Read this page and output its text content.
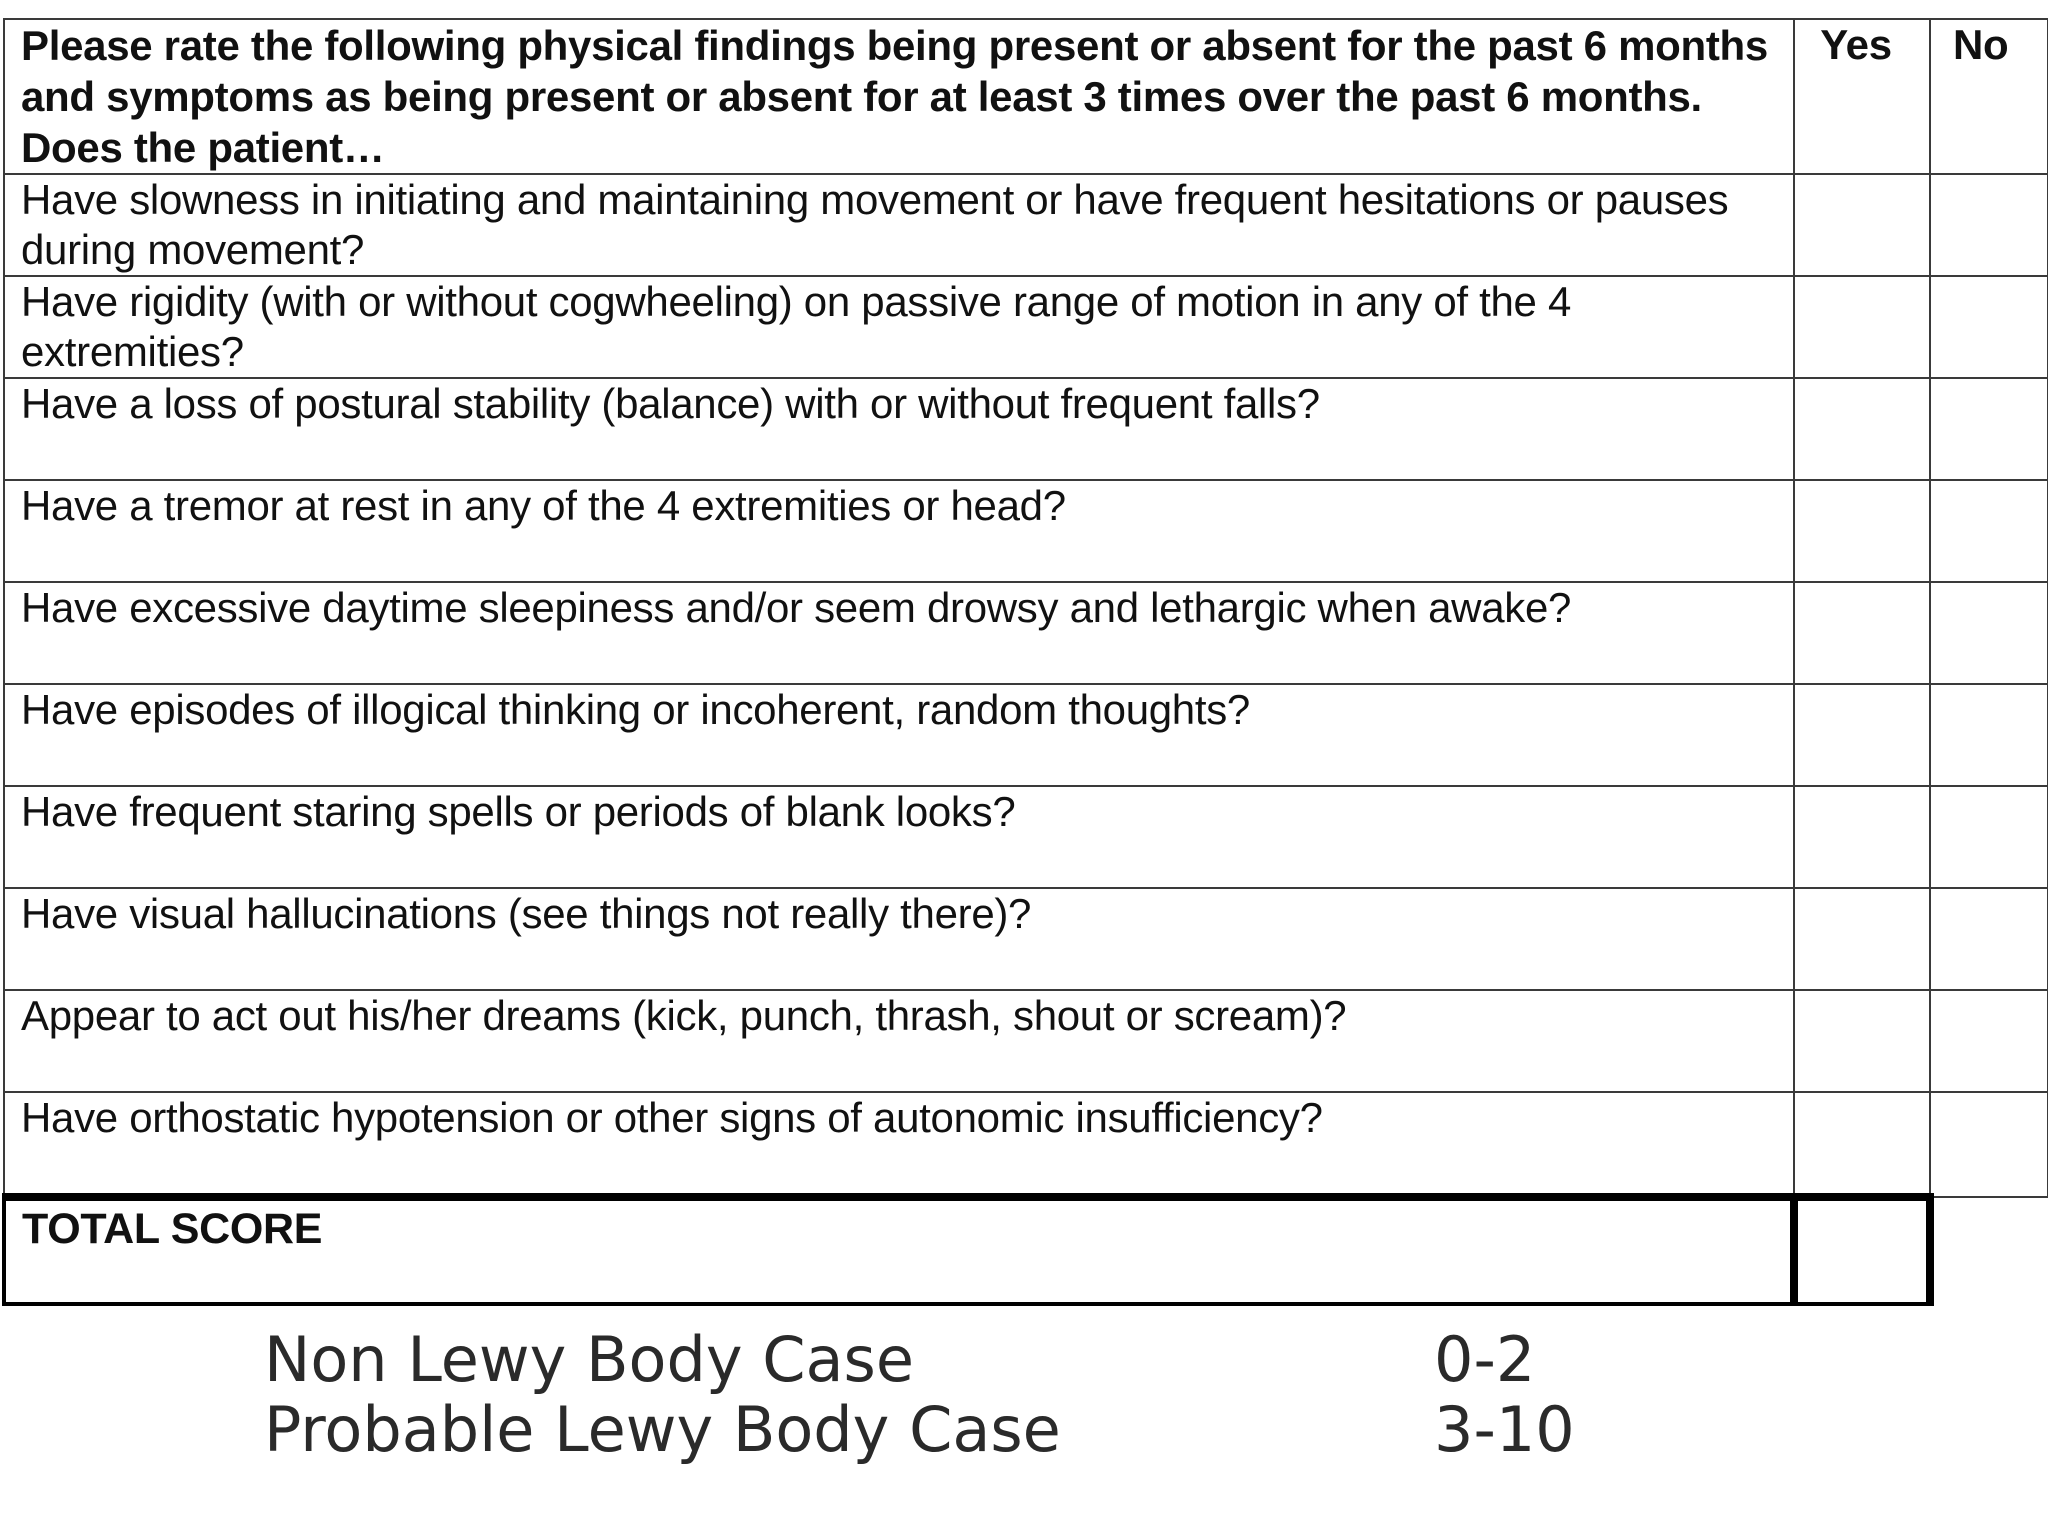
Please rate the following physical findings being present or absent for the past 6 months and symptoms as being present or absent for at least 3 times over the past 6 months. Does the patient…	Yes	No
Have slowness in initiating and maintaining movement or have frequent hesitations or pauses during movement?		
Have rigidity (with or without cogwheeling) on passive range of motion in any of the 4 extremities?		
Have a loss of postural stability (balance) with or without frequent falls?		
Have a tremor at rest in any of the 4 extremities or head?		
Have excessive daytime sleepiness and/or seem drowsy and lethargic when awake?		
Have episodes of illogical thinking or incoherent, random thoughts?		
Have frequent staring spells or periods of blank looks?		
Have visual hallucinations (see things not really there)?		
Appear to act out his/her dreams (kick, punch, thrash, shout or scream)?		
Have orthostatic hypotension or other signs of autonomic insufficiency?		
TOTAL SCORE		
Non Lewy Body Case	0-2
Probable Lewy Body Case	3-10
